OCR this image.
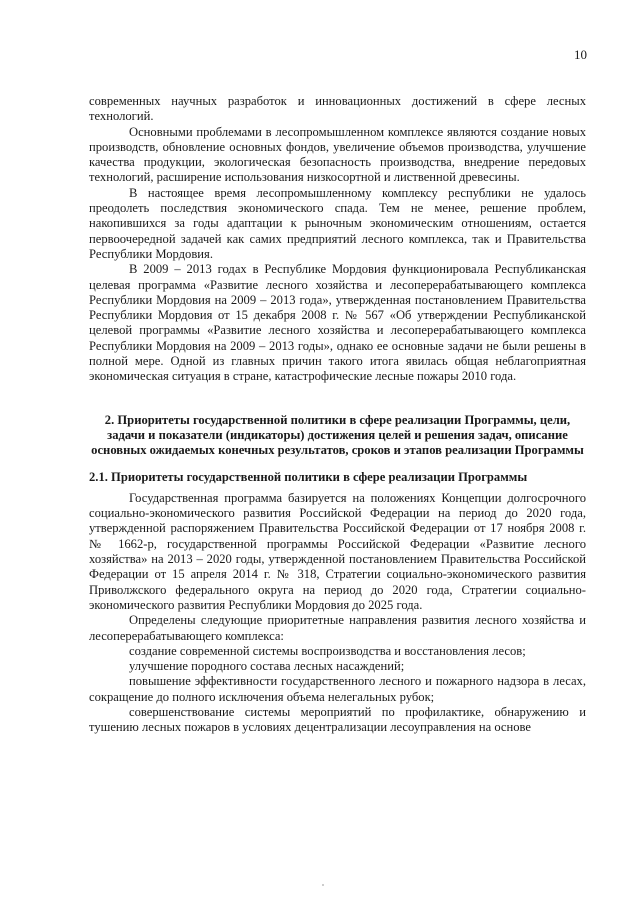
10

современных научных разработок и инновационных достижений в сфере лесных технологий.

Основными проблемами в лесопромышленном комплексе являются создание новых производств, обновление основных фондов, увеличение объемов производства, улучшение качества продукции, экологическая безопасность производства, внедрение передовых технологий, расширение использования низкосортной и лиственной древесины.

В настоящее время лесопромышленному комплексу республики не удалось преодолеть последствия экономического спада. Тем не менее, решение проблем, накопившихся за годы адаптации к рыночным экономическим отношениям, остается первоочередной задачей как самих предприятий лесного комплекса, так и Правительства Республики Мордовия.

В 2009 – 2013 годах в Республике Мордовия функционировала Республиканская целевая программа «Развитие лесного хозяйства и лесоперерабатывающего комплекса Республики Мордовия на 2009 – 2013 года», утвержденная постановлением Правительства Республики Мордовия от 15 декабря 2008 г. № 567 «Об утверждении Республиканской целевой программы «Развитие лесного хозяйства и лесоперерабатывающего комплекса Республики Мордовия на 2009 – 2013 годы», однако ее основные задачи не были решены в полной мере. Одной из главных причин такого итога явилась общая неблагоприятная экономическая ситуация в стране, катастрофические лесные пожары 2010 года.

2. Приоритеты государственной политики в сфере реализации Программы, цели, задачи и показатели (индикаторы) достижения целей и решения задач, описание основных ожидаемых конечных результатов, сроков и этапов реализации Программы
2.1. Приоритеты государственной политики в сфере реализации Программы

Государственная программа базируется на положениях Концепции долгосрочного социально-экономического развития Российской Федерации на период до 2020 года, утвержденной распоряжением Правительства Российской Федерации от 17 ноября 2008 г. № 1662-р, государственной программы Российской Федерации «Развитие лесного хозяйства» на 2013 – 2020 годы, утвержденной постановлением Правительства Российской Федерации от 15 апреля 2014 г. № 318, Стратегии социально-экономического развития Приволжского федерального округа на период до 2020 года, Стратегии социально-экономического развития Республики Мордовия до 2025 года.

Определены следующие приоритетные направления развития лесного хозяйства и лесоперерабатывающего комплекса:

создание современной системы воспроизводства и восстановления лесов;

улучшение породного состава лесных насаждений;

повышение эффективности государственного лесного и пожарного надзора в лесах, сокращение до полного исключения объема нелегальных рубок;

совершенствование системы мероприятий по профилактике, обнаружению и тушению лесных пожаров в условиях децентрализации лесоуправления на основе
